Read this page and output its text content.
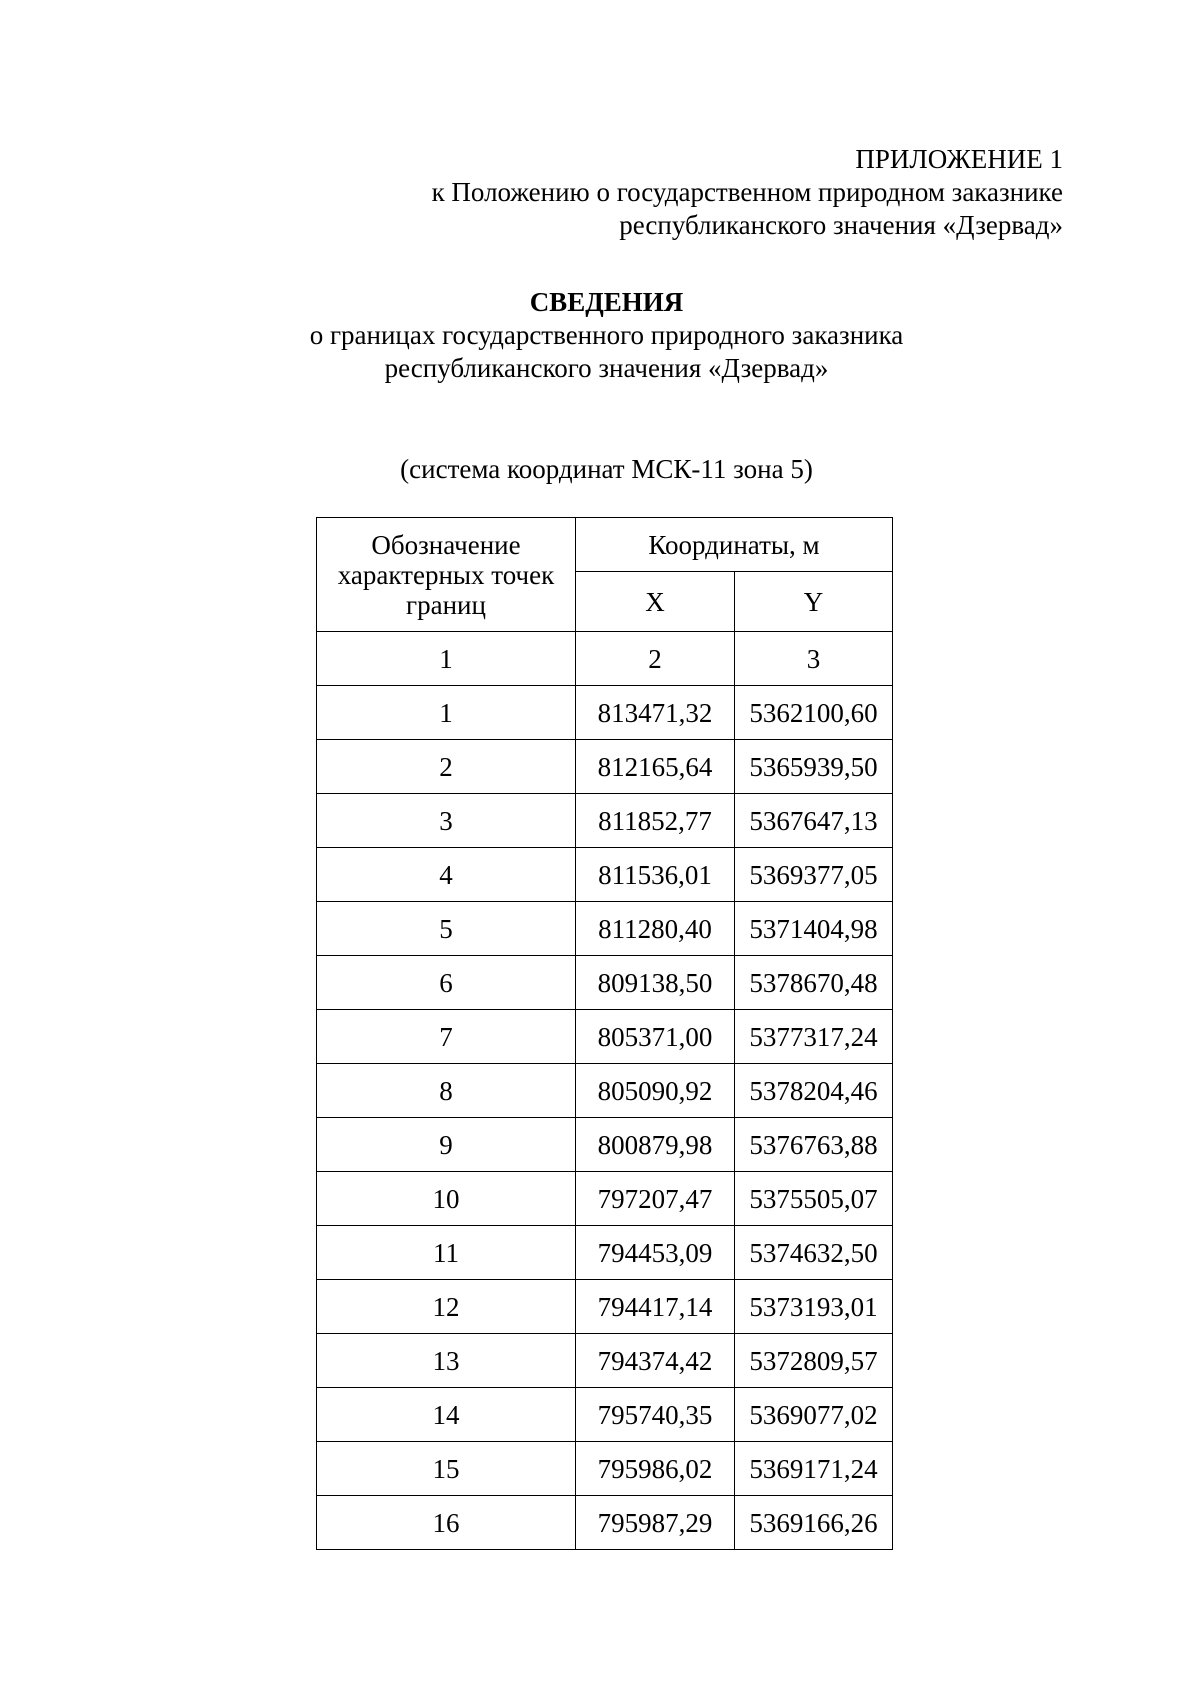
ПРИЛОЖЕНИЕ 1
к Положению о государственном природном заказнике
республиканского значения «Дзервад»
СВЕДЕНИЯ
о границах государственного природного заказника
республиканского значения «Дзервад»
(система координат МСК-11 зона 5)
Обозначение характерных точек границ	Координаты, м	
	X	Y
1	2	3
1	813471,32	5362100,60
2	812165,64	5365939,50
3	811852,77	5367647,13
4	811536,01	5369377,05
5	811280,40	5371404,98
6	809138,50	5378670,48
7	805371,00	5377317,24
8	805090,92	5378204,46
9	800879,98	5376763,88
10	797207,47	5375505,07
11	794453,09	5374632,50
12	794417,14	5373193,01
13	794374,42	5372809,57
14	795740,35	5369077,02
15	795986,02	5369171,24
16	795987,29	5369166,26
